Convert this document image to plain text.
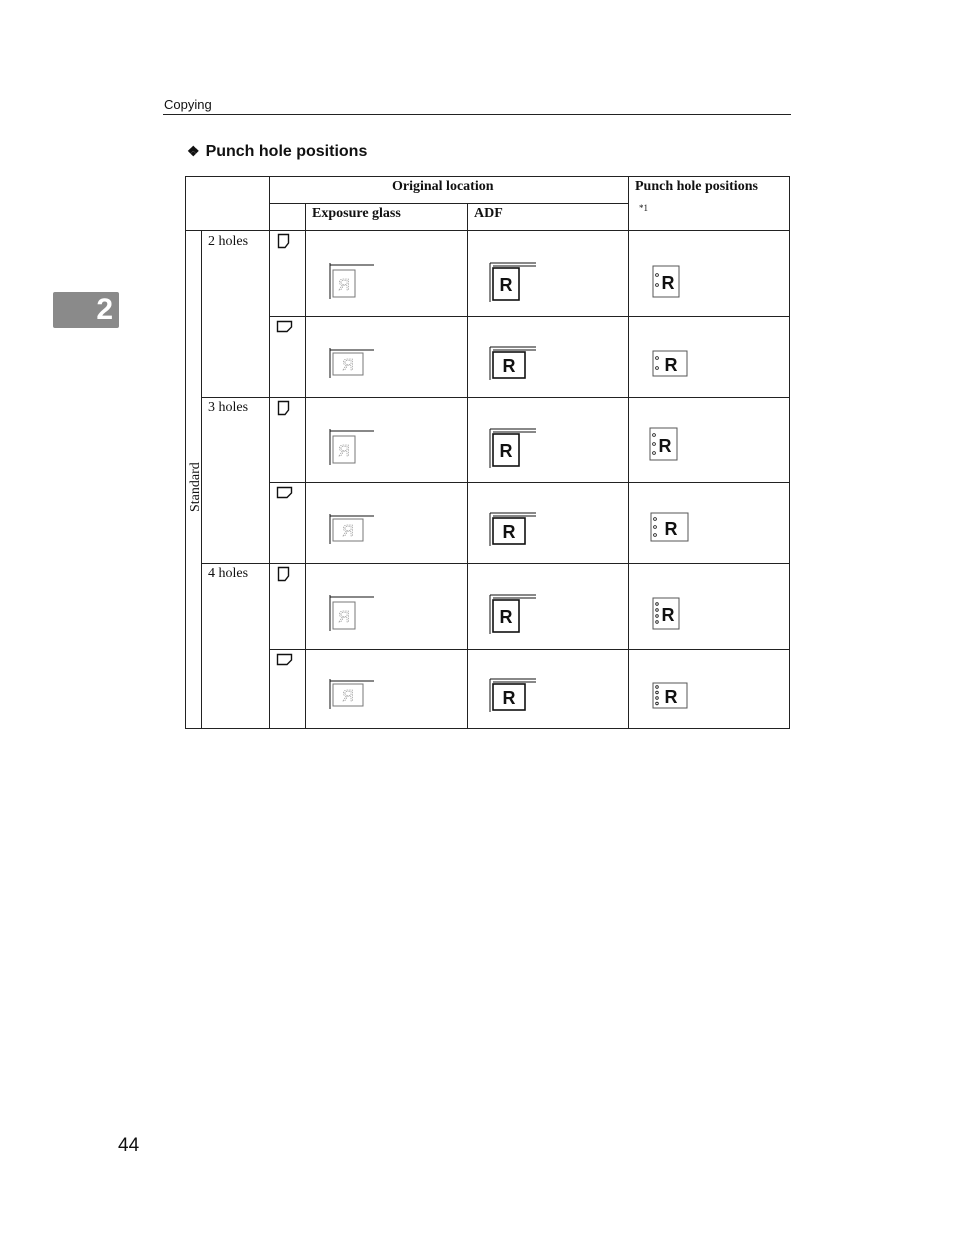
Copying
2
❖ Punch hole positions
Original location
Exposure glass	ADF
Punch hole positions
*1
Standard
2 holes
3 holes
4 holes
Я
Я
Я
Я
Я
Я
R
R
R
R
R
R
R
R
R
R
R
R
44
